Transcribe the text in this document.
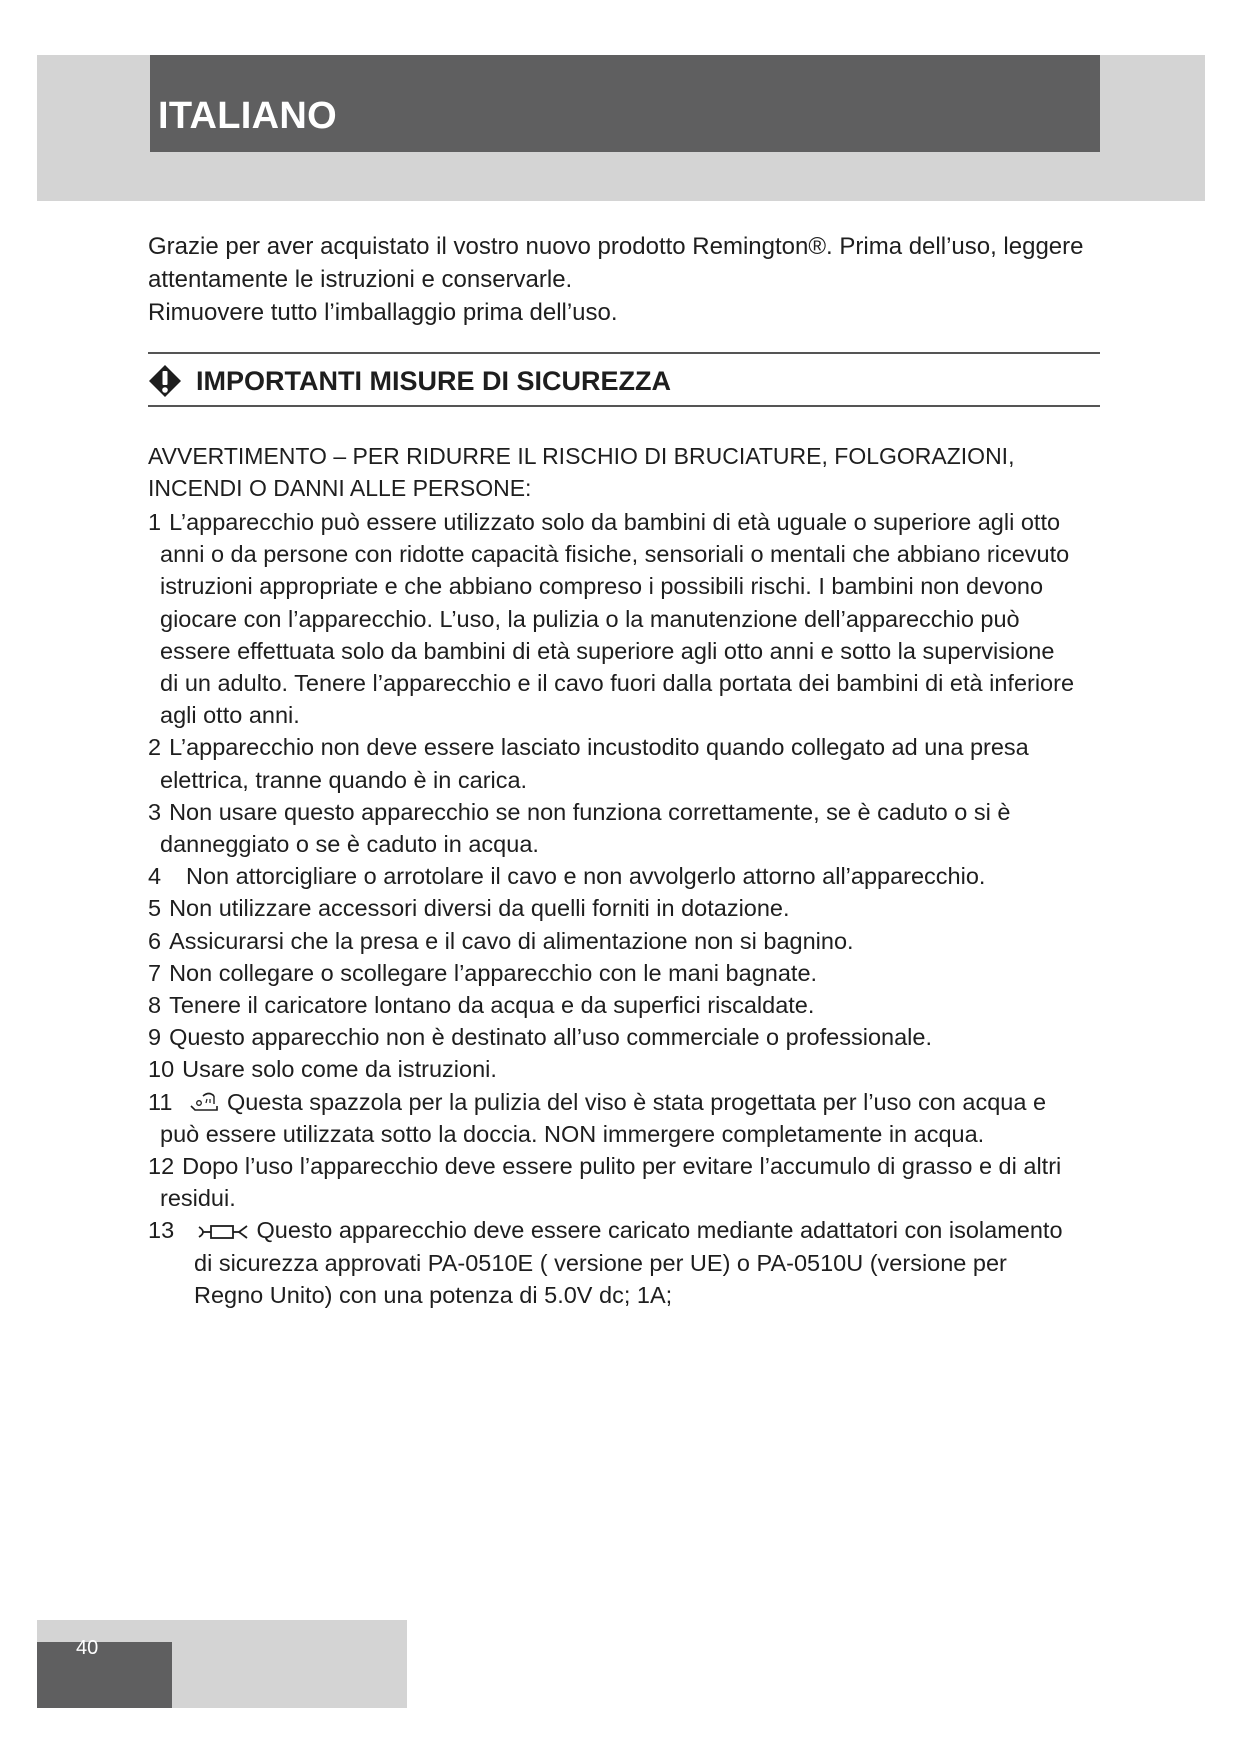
ITALIANO

Grazie per aver acquistato il vostro nuovo prodotto Remington®. Prima dell’uso, leggere attentamente le istruzioni e conservarle.

Rimuovere tutto l’imballaggio prima dell’uso.

IMPORTANTI MISURE DI SICUREZZA
AVVERTIMENTO – PER RIDURRE IL RISCHIO DI BRUCIATURE, FOLGORAZIONI, INCENDI O DANNI ALLE PERSONE:
1 L’apparecchio può essere utilizzato solo da bambini di età uguale o superiore agli otto anni o da persone con ridotte capacità fisiche, sensoriali o mentali che abbiano ricevuto istruzioni appropriate e che abbiano compreso i possibili rischi. I bambini non devono giocare con l’apparecchio. L’uso, la pulizia o la manutenzione dell’apparecchio può essere effettuata solo da bambini di età superiore agli otto anni e sotto la supervisione di un adulto. Tenere l’apparecchio e il cavo fuori dalla portata dei bambini di età inferiore agli otto anni.
2 L’apparecchio non deve essere lasciato incustodito quando collegato ad una presa elettrica, tranne quando è in carica.
3 Non usare questo apparecchio se non funziona correttamente, se è caduto o si è danneggiato o se è caduto in acqua.
4 Non attorcigliare o arrotolare il cavo e non avvolgerlo attorno all’apparecchio.
5 Non utilizzare accessori diversi da quelli forniti in dotazione.
6 Assicurarsi che la presa e il cavo di alimentazione non si bagnino.
7 Non collegare o scollegare l’apparecchio con le mani bagnate.
8 Tenere il caricatore lontano da acqua e da superfici riscaldate.
9 Questo apparecchio non è destinato all’uso commerciale o professionale.
10 Usare solo come da istruzioni.
11 Questa spazzola per la pulizia del viso è stata progettata per l’uso con acqua e può essere utilizzata sotto la doccia. NON immergere completamente in acqua.
12 Dopo l’uso l’apparecchio deve essere pulito per evitare l’accumulo di grasso e di altri residui.
13	Questo apparecchio deve essere caricato mediante adattatori con isolamento di sicurezza approvati PA-0510E ( versione per UE) o PA-0510U (versione per Regno Unito) con una potenza di 5.0V dc; 1A;
40
